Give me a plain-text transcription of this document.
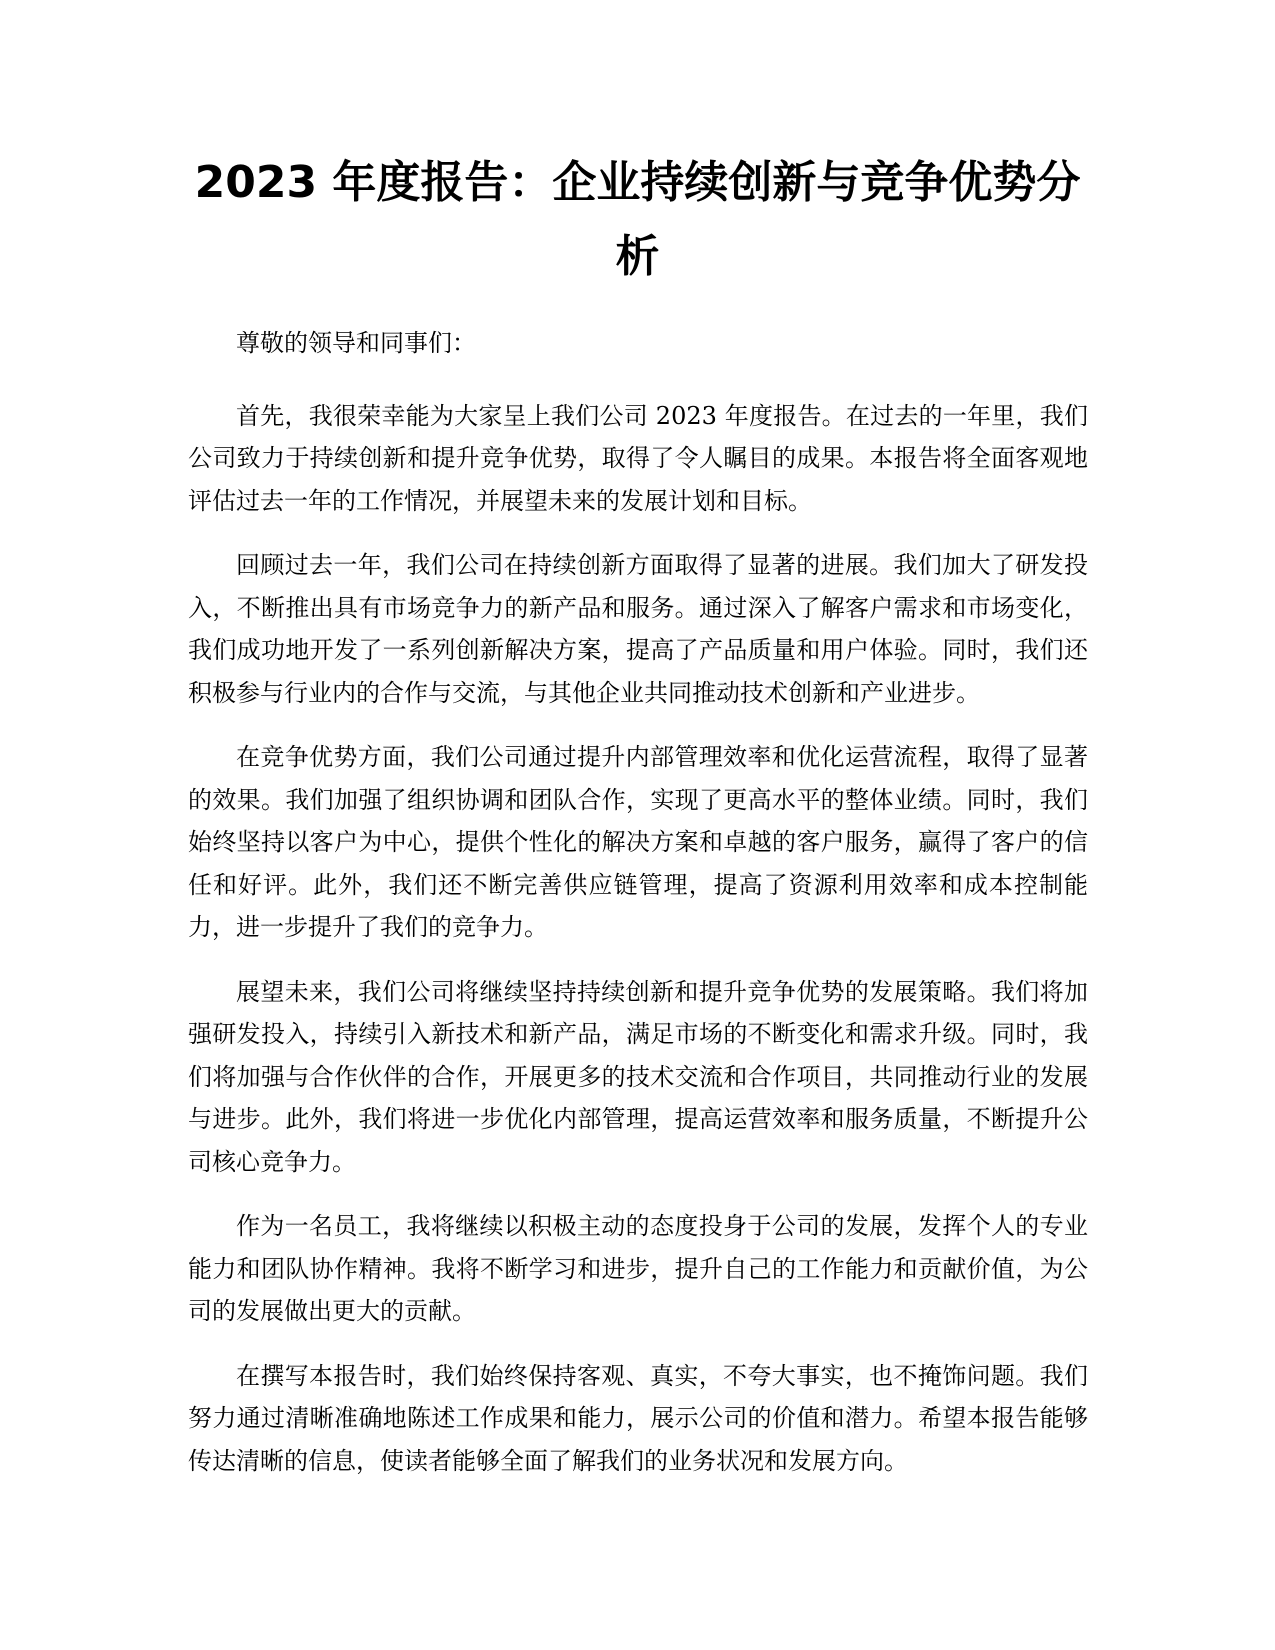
2023 年度报告：企业持续创新与竞争优势分析

尊敬的领导和同事们：

首先，我很荣幸能为大家呈上我们公司 2023 年度报告。在过去的一年里，我们公司致力于持续创新和提升竞争优势，取得了令人瞩目的成果。本报告将全面客观地评估过去一年的工作情况，并展望未来的发展计划和目标。

回顾过去一年，我们公司在持续创新方面取得了显著的进展。我们加大了研发投入，不断推出具有市场竞争力的新产品和服务。通过深入了解客户需求和市场变化，我们成功地开发了一系列创新解决方案，提高了产品质量和用户体验。同时，我们还积极参与行业内的合作与交流，与其他企业共同推动技术创新和产业进步。

在竞争优势方面，我们公司通过提升内部管理效率和优化运营流程，取得了显著的效果。我们加强了组织协调和团队合作，实现了更高水平的整体业绩。同时，我们始终坚持以客户为中心，提供个性化的解决方案和卓越的客户服务，赢得了客户的信任和好评。此外，我们还不断完善供应链管理，提高了资源利用效率和成本控制能力，进一步提升了我们的竞争力。

展望未来，我们公司将继续坚持持续创新和提升竞争优势的发展策略。我们将加强研发投入，持续引入新技术和新产品，满足市场的不断变化和需求升级。同时，我们将加强与合作伙伴的合作，开展更多的技术交流和合作项目，共同推动行业的发展与进步。此外，我们将进一步优化内部管理，提高运营效率和服务质量，不断提升公司核心竞争力。

作为一名员工，我将继续以积极主动的态度投身于公司的发展，发挥个人的专业能力和团队协作精神。我将不断学习和进步，提升自己的工作能力和贡献价值，为公司的发展做出更大的贡献。

在撰写本报告时，我们始终保持客观、真实，不夸大事实，也不掩饰问题。我们努力通过清晰准确地陈述工作成果和能力，展示公司的价值和潜力。希望本报告能够传达清晰的信息，使读者能够全面了解我们的业务状况和发展方向。
